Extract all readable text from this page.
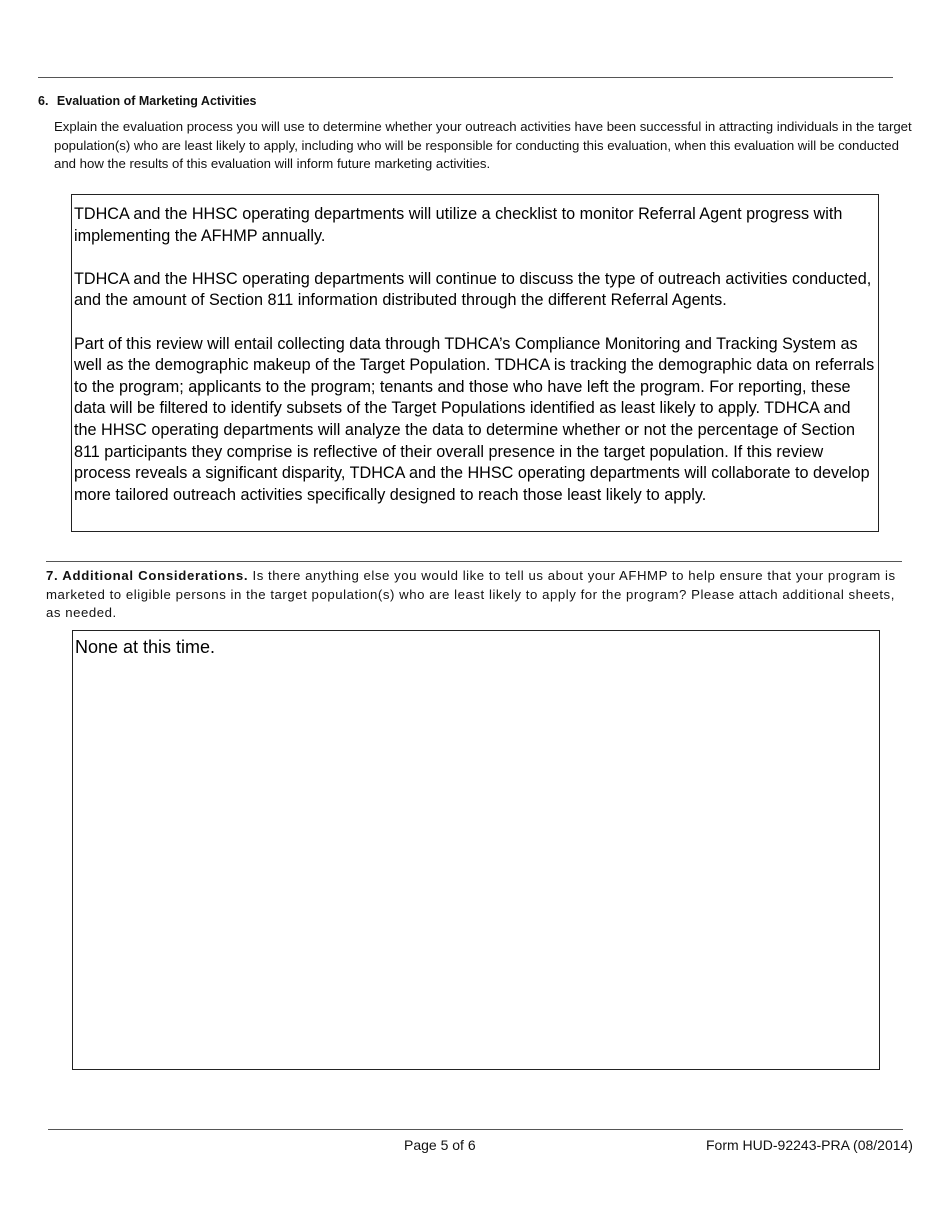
6. Evaluation of Marketing Activities
Explain the evaluation process you will use to determine whether your outreach activities have been successful in attracting individuals in the target population(s) who are least likely to apply, including who will be responsible for conducting this evaluation, when this evaluation will be conducted and how the results of this evaluation will inform future marketing activities.

TDHCA and the HHSC operating departments will utilize a checklist to monitor Referral Agent progress with implementing the AFHMP annually.

TDHCA and the HHSC operating departments will continue to discuss the type of outreach activities conducted, and the amount of Section 811 information distributed through the different Referral Agents.

Part of this review will entail collecting data through TDHCA’s Compliance Monitoring and Tracking System as well as the demographic makeup of the Target Population. TDHCA is tracking the demographic data on referrals to the program; applicants to the program; tenants and those who have left the program. For reporting, these data will be filtered to identify subsets of the Target Populations identified as least likely to apply. TDHCA and the HHSC operating departments will analyze the data to determine whether or not the percentage of Section 811 participants they comprise is reflective of their overall presence in the target population. If this review process reveals a significant disparity, TDHCA and the HHSC operating departments will collaborate to develop more tailored outreach activities specifically designed to reach those least likely to apply.

7. Additional Considerations. Is there anything else you would like to tell us about your AFHMP to help ensure that your program is marketed to eligible persons in the target population(s) who are least likely to apply for the program? Please attach additional sheets, as needed.
None at this time.
Page 5 of 6	Form HUD-92243-PRA (08/2014)
